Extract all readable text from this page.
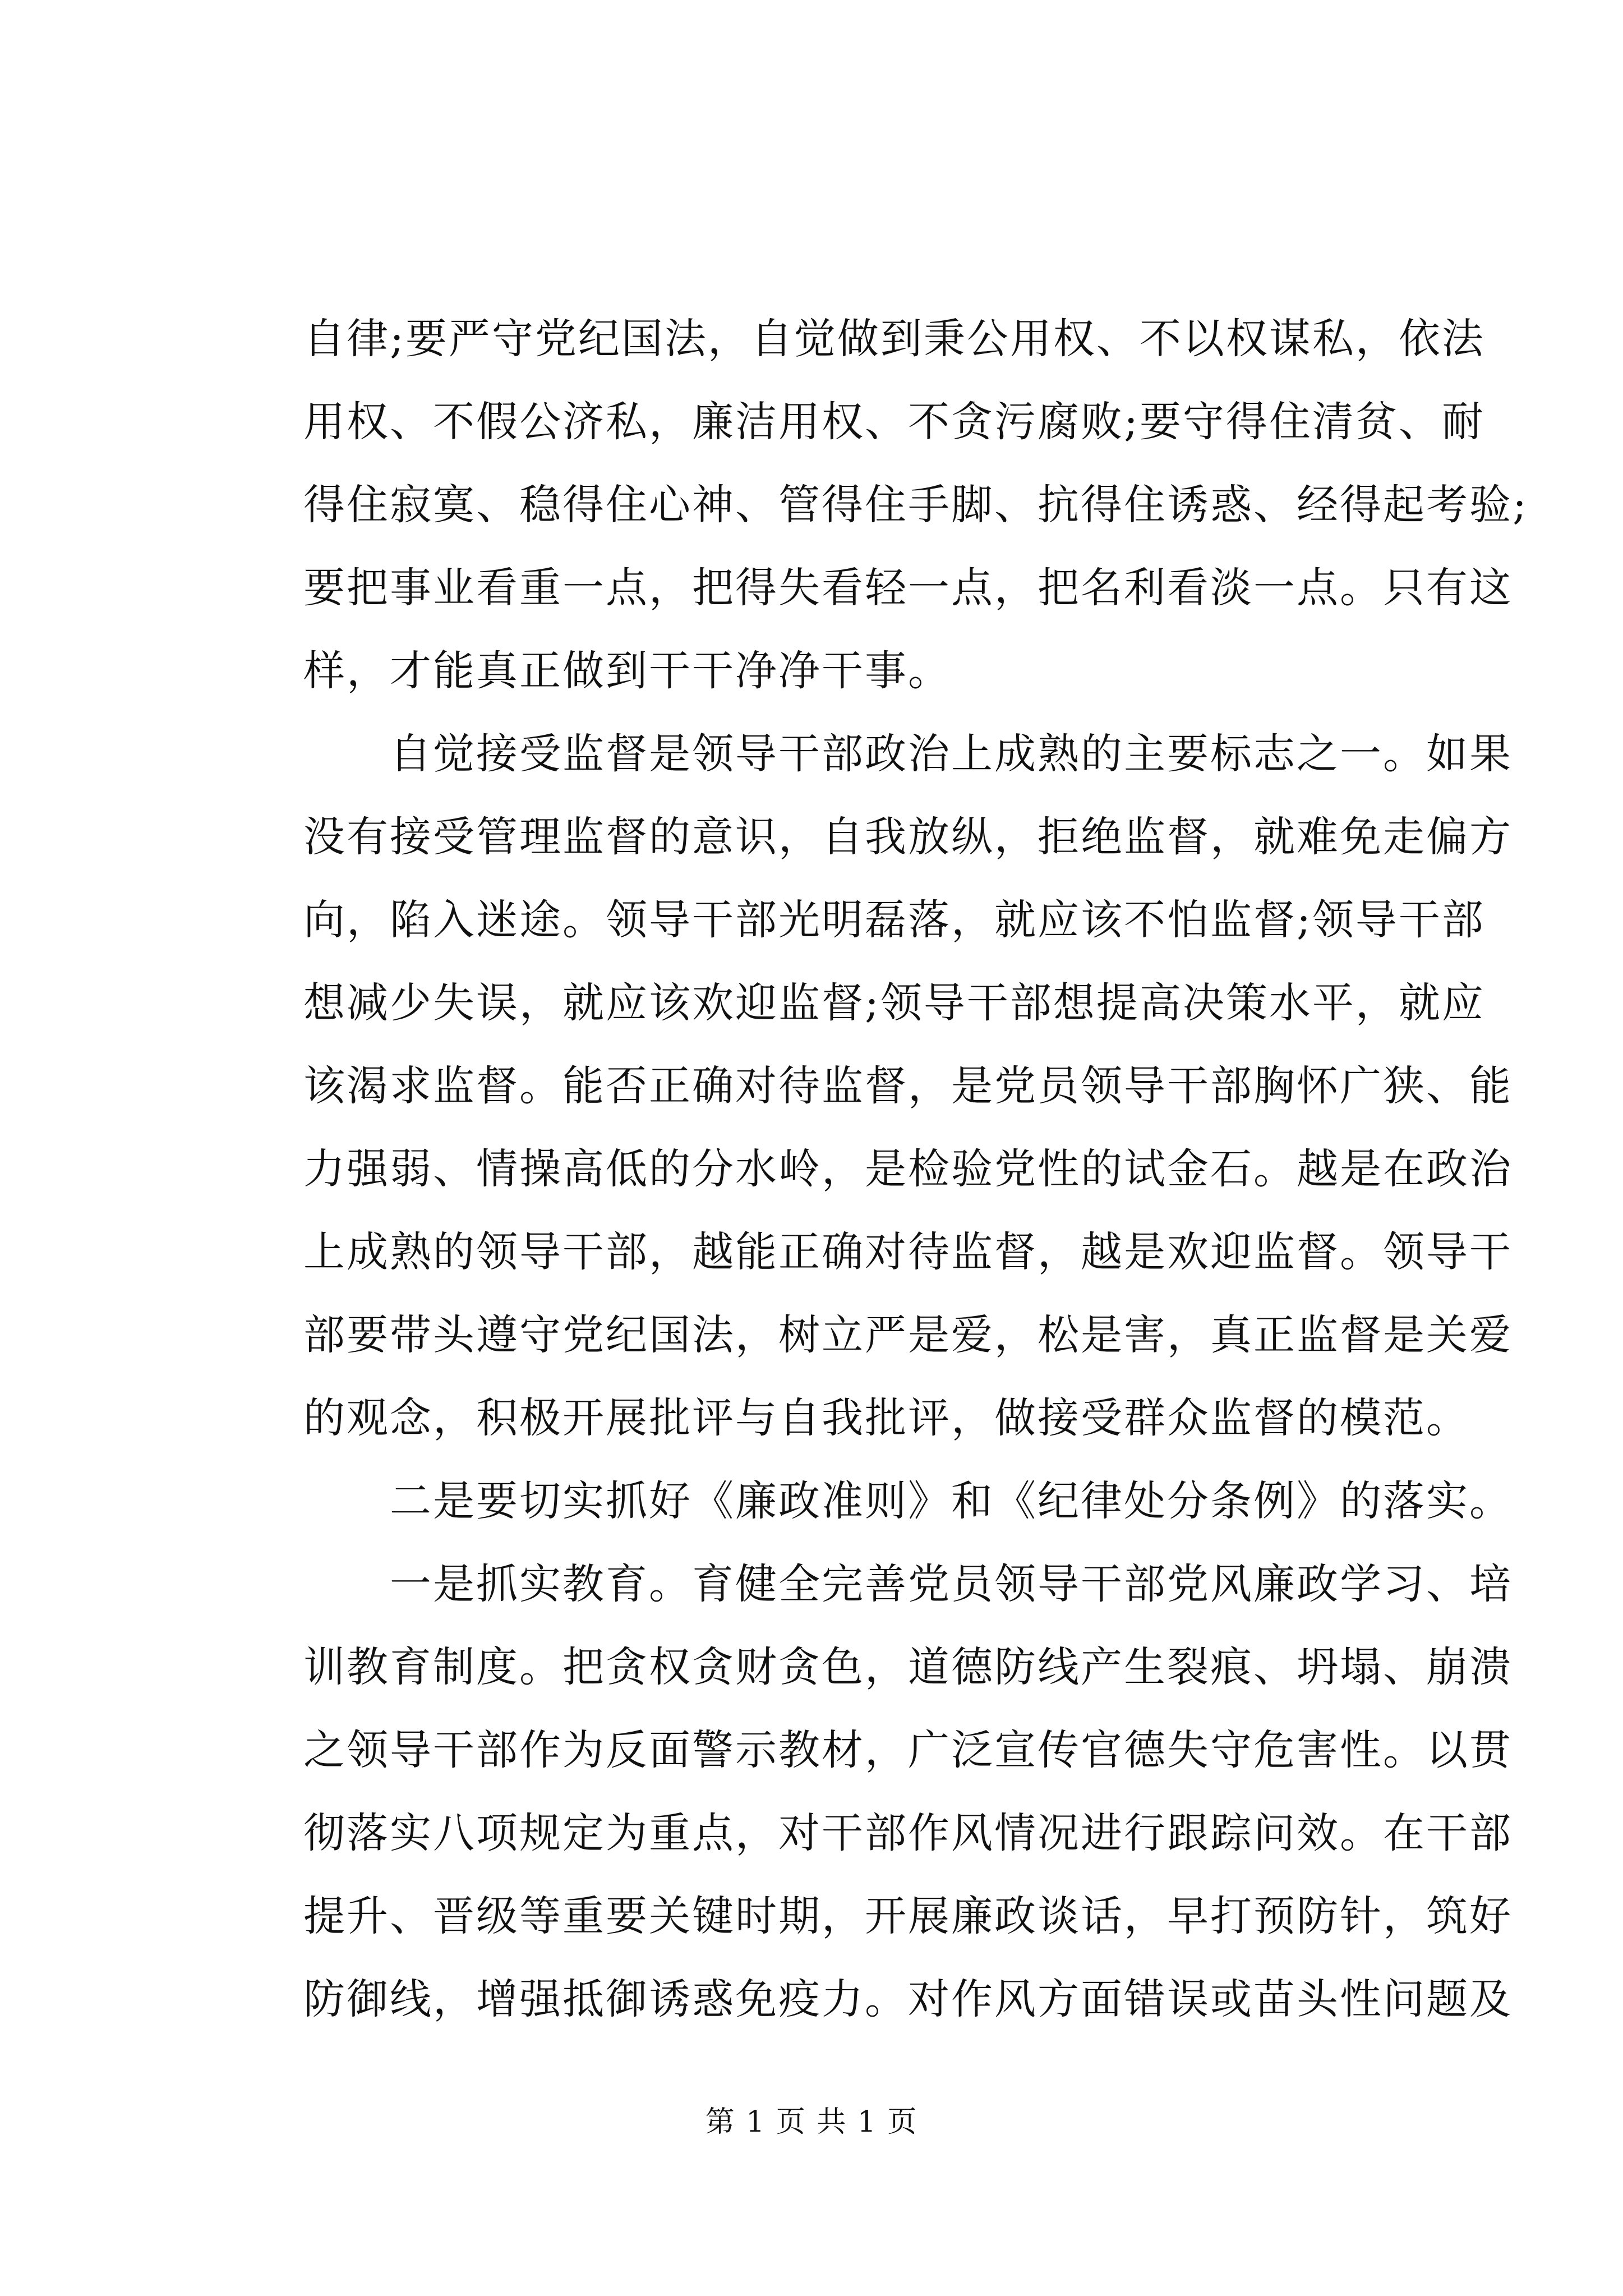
自律;要严守党纪国法，自觉做到秉公用权、不以权谋私，依法
用权、不假公济私，廉洁用权、不贪污腐败;要守得住清贫、耐
得住寂寞、稳得住心神、管得住手脚、抗得住诱惑、经得起考验;
要把事业看重一点，把得失看轻一点，把名利看淡一点。只有这
样，才能真正做到干干净净干事。
　　自觉接受监督是领导干部政治上成熟的主要标志之一。如果
没有接受管理监督的意识，自我放纵，拒绝监督，就难免走偏方
向，陷入迷途。领导干部光明磊落，就应该不怕监督;领导干部
想减少失误，就应该欢迎监督;领导干部想提高决策水平，就应
该渴求监督。能否正确对待监督，是党员领导干部胸怀广狭、能
力强弱、情操高低的分水岭，是检验党性的试金石。越是在政治
上成熟的领导干部，越能正确对待监督，越是欢迎监督。领导干
部要带头遵守党纪国法，树立严是爱，松是害，真正监督是关爱
的观念，积极开展批评与自我批评，做接受群众监督的模范。
　　二是要切实抓好《廉政准则》和《纪律处分条例》的落实。
　　一是抓实教育。育健全完善党员领导干部党风廉政学习、培
训教育制度。把贪权贪财贪色，道德防线产生裂痕、坍塌、崩溃
之领导干部作为反面警示教材，广泛宣传官德失守危害性。以贯
彻落实八项规定为重点，对干部作风情况进行跟踪问效。在干部
提升、晋级等重要关键时期，开展廉政谈话，早打预防针，筑好
防御线，增强抵御诱惑免疫力。对作风方面错误或苗头性问题及
第 1 页 共 1 页
